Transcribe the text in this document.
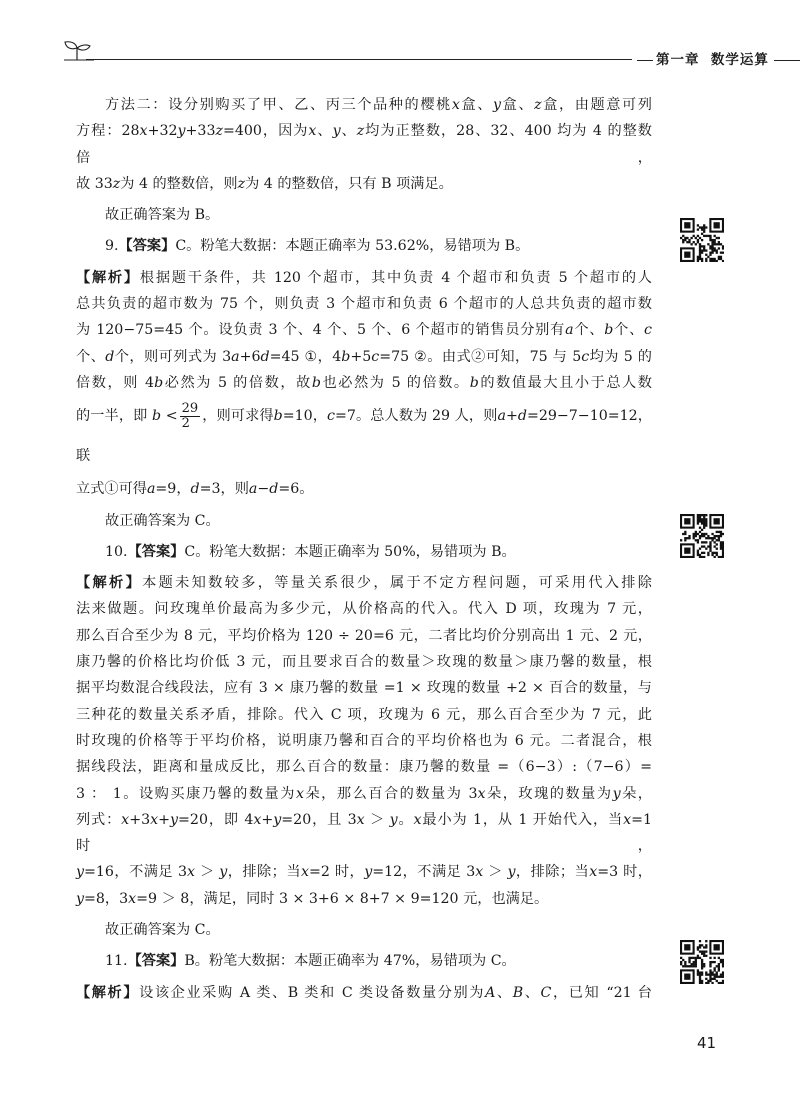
第一章 数学运算

方法二：设分别购买了甲、乙、丙三个品种的樱桃x盒、y盒、z盒，由题意可列

方程：28x+32y+33z=400，因为x、y、z均为正整数，28、32、400 均为 4 的整数倍，

故 33z为 4 的整数倍，则z为 4 的整数倍，只有 B 项满足。

故正确答案为 B。

9.【答案】C。粉笔大数据：本题正确率为 53.62%，易错项为 B。

【解析】根据题干条件，共 120 个超市，其中负责 4 个超市和负责 5 个超市的人

总共负责的超市数为 75 个，则负责 3 个超市和负责 6 个超市的人总共负责的超市数

为 120−75=45 个。设负责 3 个、4 个、5 个、6 个超市的销售员分别有a个、b个、c

个、d个，则可列式为 3a+6d=45 ①，4b+5c=75 ②。由式②可知，75 与 5c均为 5 的

倍数，则 4b必然为 5 的倍数，故b也必然为 5 的倍数。b的数值最大且小于总人数

的一半，即 $b < \frac{29}{2}$ ，则可求得b=10，c=7。总人数为 29 人，则a+d=29−7−10=12，联

立式①可得a=9，d=3，则a−d=6。

故正确答案为 C。

10.【答案】C。粉笔大数据：本题正确率为 50%，易错项为 B。

【解析】本题未知数较多，等量关系很少，属于不定方程问题，可采用代入排除

法来做题。问玫瑰单价最高为多少元，从价格高的代入。代入 D 项，玫瑰为 7 元，

那么百合至少为 8 元，平均价格为 120 ÷ 20=6 元，二者比均价分别高出 1 元、2 元，

康乃馨的价格比均价低 3 元，而且要求百合的数量＞玫瑰的数量＞康乃馨的数量，根

据平均数混合线段法，应有 3 × 康乃馨的数量 =1 × 玫瑰的数量 +2 × 百合的数量，与

三种花的数量关系矛盾，排除。代入 C 项，玫瑰为 6 元，那么百合至少为 7 元，此

时玫瑰的价格等于平均价格，说明康乃馨和百合的平均价格也为 6 元。二者混合，根

据线段法，距离和量成反比，那么百合的数量：康乃馨的数量 =（6−3）:（7−6）=

3 ： 1。设购买康乃馨的数量为x朵，那么百合的数量为 3x朵，玫瑰的数量为y朵，

列式：x+3x+y=20，即 4x+y=20，且 3x ＞ y。x最小为 1，从 1 开始代入，当x=1 时，

y=16，不满足 3x ＞ y，排除；当x=2 时，y=12，不满足 3x ＞ y，排除；当x=3 时，

y=8，3x=9 ＞ 8，满足，同时 3 × 3+6 × 8+7 × 9=120 元，也满足。

故正确答案为 C。

11.【答案】B。粉笔大数据：本题正确率为 47%，易错项为 C。

【解析】设该企业采购 A 类、B 类和 C 类设备数量分别为A、B、C，已知 “21 台

41
